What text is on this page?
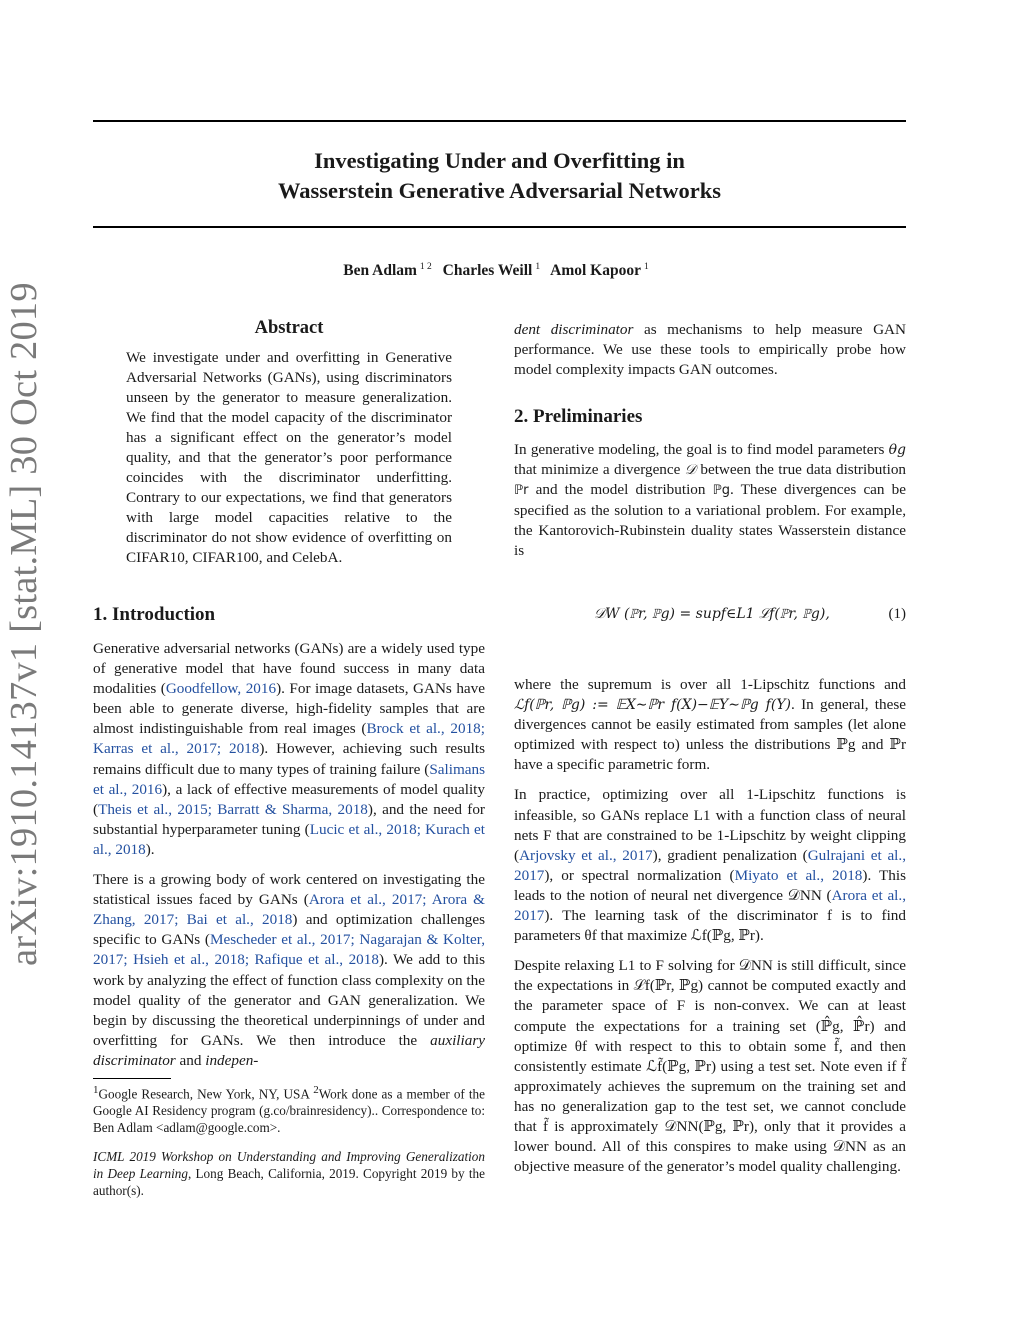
Investigating Under and Overfitting in
Wasserstein Generative Adversarial Networks
Ben Adlam $^{1 2}$ Charles Weill $^1$ Amol Kapoor $^1$
arXiv:1910.14137v1 [stat.ML] 30 Oct 2019	Abstract

We investigate under and overfitting in Generative Adversarial Networks (GANs), using discriminators unseen by the generator to measure generalization. We find that the model capacity of the discriminator has a significant effect on the generator’s model quality, and that the generator’s poor performance coincides with the discriminator underfitting. Contrary to our expectations, we find that generators with large model capacities relative to the discriminator do not show evidence of overfitting on CIFAR10, CIFAR100, and CelebA.

1. Introduction

Generative adversarial networks (GANs) are a widely used type of generative model that have found success in many data modalities (Goodfellow, 2016). For image datasets, GANs have been able to generate diverse, high-fidelity samples that are almost indistinguishable from real images (Brock et al., 2018; Karras et al., 2017; 2018). However, achieving such results remains difficult due to many types of training failure (Salimans et al., 2016), a lack of effective measurements of model quality (Theis et al., 2015; Barratt & Sharma, 2018), and the need for substantial hyperparameter tuning (Lucic et al., 2018; Kurach et al., 2018).

There is a growing body of work centered on investigating the statistical issues faced by GANs (Arora et al., 2017; Arora & Zhang, 2017; Bai et al., 2018) and optimization challenges specific to GANs (Mescheder et al., 2017; Nagarajan & Kolter, 2017; Hsieh et al., 2018; Rafique et al., 2018). We add to this work by analyzing the effect of function class complexity on the model quality of the generator and GAN generalization. We begin by discussing the theoretical underpinnings of under and overfitting for GANs. We then introduce the auxiliary discriminator and indepen-

$^1$Google Research, New York, NY, USA $^2$Work done as a member of the Google AI Residency program (g.co/brainresidency).. Correspondence to: Ben Adlam <adlam@google.com>.

ICML 2019 Workshop on Understanding and Improving Generalization in Deep Learning, Long Beach, California, 2019. Copyright 2019 by the author(s).

dent discriminator as mechanisms to help measure GAN performance. We use these tools to empirically probe how model complexity impacts GAN outcomes.

2. Preliminaries

In generative modeling, the goal is to find model parameters θg that minimize a divergence 𝒟 between the true data distribution ℙr and the model distribution ℙg. These divergences can be specified as the solution to a variational problem. For example, the Kantorovich-Rubinstein duality states Wasserstein distance is

𝒟W (ℙr, ℙg) = supf∈L1 ℒf(ℙr, ℙg),	(1)

where the supremum is over all 1-Lipschitz functions and ℒf(ℙr, ℙg) := 𝔼X∼ℙr f(X)−𝔼Y∼ℙg f(Y). In general, these divergences cannot be easily estimated from samples (let alone optimized with respect to) unless the distributions ℙg and ℙr have a specific parametric form.

In practice, optimizing over all 1-Lipschitz functions is infeasible, so GANs replace L1 with a function class of neural nets F that are constrained to be 1-Lipschitz by weight clipping (Arjovsky et al., 2017), gradient penalization (Gulrajani et al., 2017), or spectral normalization (Miyato et al., 2018). This leads to the notion of neural net divergence 𝒟NN (Arora et al., 2017). The learning task of the discriminator f is to find parameters θf that maximize ℒf(ℙg, ℙr).

Despite relaxing L1 to F solving for 𝒟NN is still difficult, since the expectations in ℒf(ℙr, ℙg) cannot be computed exactly and the parameter space of F is non-convex. We can at least compute the expectations for a training set (ℙ̂g, ℙ̂r) and optimize θf with respect to this to obtain some f̃, and then consistently estimate ℒf̃(ℙg, ℙr) using a test set. Note even if f̃ approximately achieves the supremum on the training set and has no generalization gap to the test set, we cannot conclude that f̃ is approximately 𝒟NN(ℙg, ℙr), only that it provides a lower bound. All of this conspires to make using 𝒟NN as an objective measure of the generator’s model quality challenging.
